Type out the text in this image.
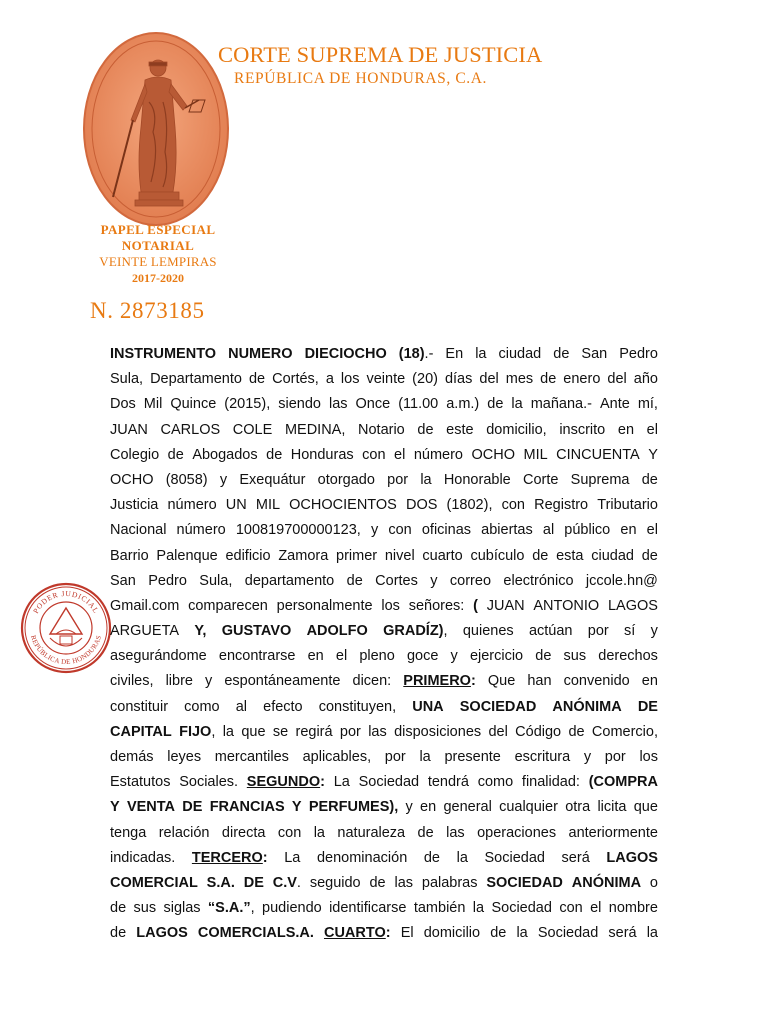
CORTE SUPREMA DE JUSTICIA
REPÚBLICA DE HONDURAS, C.A.
PAPEL ESPECIAL
NOTARIAL
VEINTE LEMPIRAS
2017-2020
N. 2873185
PODER JUDICIAL
REPÚBLICA DE HONDURAS
INSTRUMENTO NUMERO DIECIOCHO (18).- En la ciudad de San Pedro
Sula, Departamento de Cortés, a los veinte (20) días del mes de enero del año
Dos Mil Quince (2015), siendo las Once (11.00 a.m.) de la mañana.- Ante mí,
JUAN CARLOS COLE MEDINA, Notario de este domicilio, inscrito en el
Colegio de Abogados de Honduras con el número OCHO MIL CINCUENTA Y
OCHO (8058) y Exequátur otorgado por la Honorable Corte Suprema de
Justicia número UN MIL OCHOCIENTOS DOS (1802), con Registro Tributario
Nacional número 100819700000123, y con oficinas abiertas al público en el
Barrio Palenque edificio Zamora primer nivel cuarto cubículo de esta ciudad de
San Pedro Sula, departamento de Cortes y correo electrónico jccole.hn@
Gmail.com comparecen personalmente los señores: ( JUAN ANTONIO LAGOS
ARGUETA Y, GUSTAVO ADOLFO GRADÍZ), quienes actúan por sí y
asegurándome encontrarse en el pleno goce y ejercicio de sus derechos
civiles, libre y espontáneamente dicen: PRIMERO: Que han convenido en
constituir como al efecto constituyen, UNA SOCIEDAD ANÓNIMA DE
CAPITAL FIJO, la que se regirá por las disposiciones del Código de Comercio,
demás leyes mercantiles aplicables, por la presente escritura y por los
Estatutos Sociales. SEGUNDO: La Sociedad tendrá como finalidad: (COMPRA
Y VENTA DE FRANCIAS Y PERFUMES), y en general cualquier otra licita que
tenga relación directa con la naturaleza de las operaciones anteriormente
indicadas. TERCERO: La denominación de la Sociedad será LAGOS
COMERCIAL S.A. DE C.V. seguido de las palabras SOCIEDAD ANÓNIMA o
de sus siglas “S.A.”, pudiendo identificarse también la Sociedad con el nombre
de LAGOS COMERCIALS.A. CUARTO: El domicilio de la Sociedad será la
